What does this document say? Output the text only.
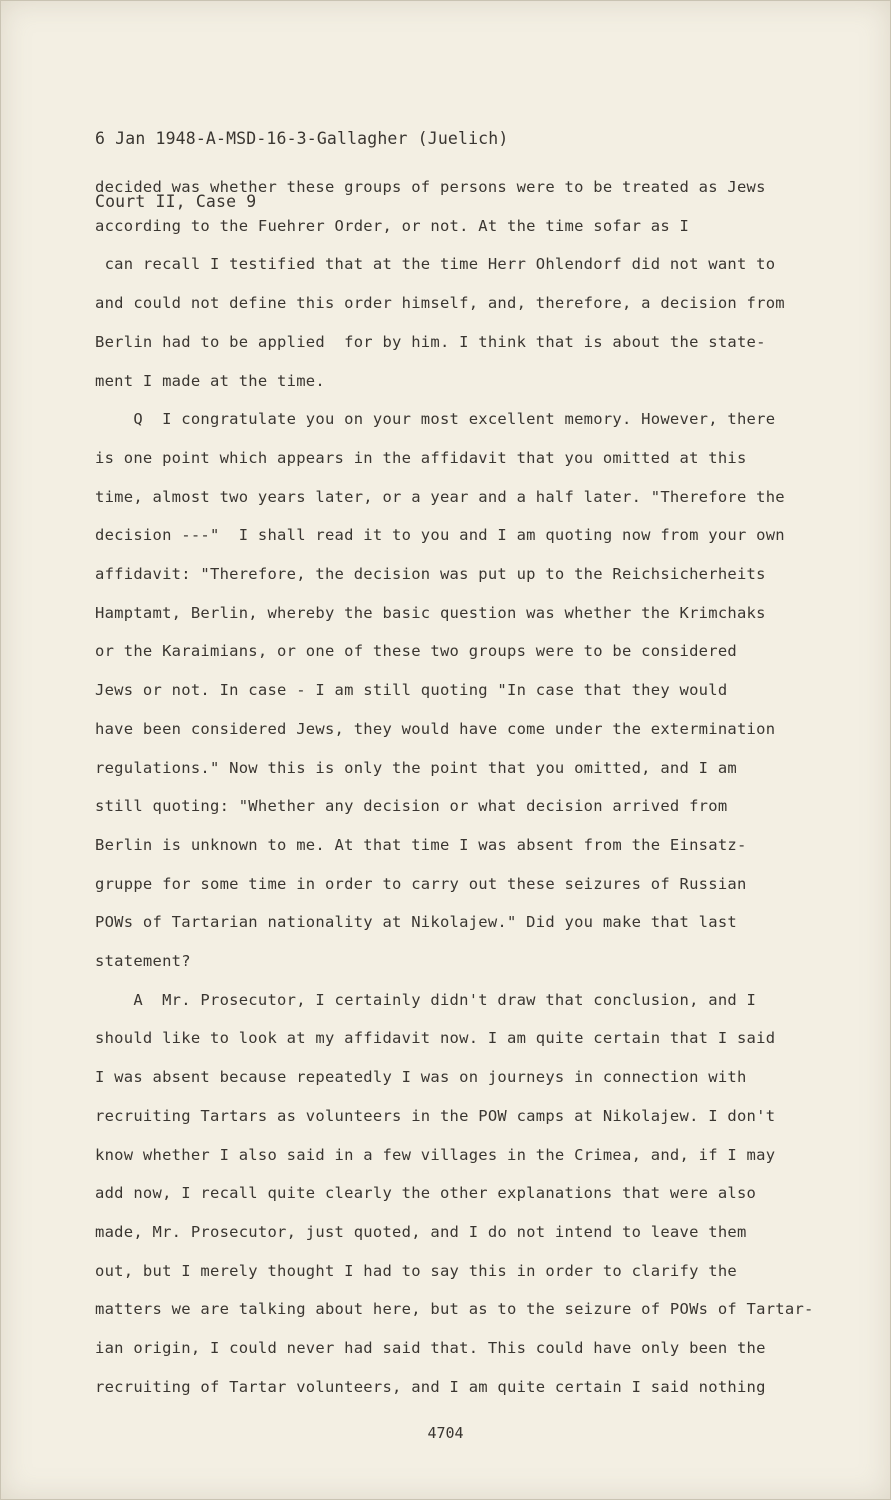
6 Jan 1948-A-MSD-16-3-Gallagher (Juelich)

Court II, Case 9

decided was whether these groups of persons were to be treated as Jews
according to the Fuehrer Order, or not. At the time sofar as I
can recall I testified that at the time Herr Ohlendorf did not want to
and could not define this order himself, and, therefore, a decision from
Berlin had to be applied  for by him. I think that is about the state-
ment I made at the time.
Q  I congratulate you on your most excellent memory. However, there
is one point which appears in the affidavit that you omitted at this
time, almost two years later, or a year and a half later. "Therefore the
decision ---"  I shall read it to you and I am quoting now from your own
affidavit: "Therefore, the decision was put up to the Reichsicherheits
Hamptamt, Berlin, whereby the basic question was whether the Krimchaks
or the Karaimians, or one of these two groups were to be considered
Jews or not. In case - I am still quoting "In case that they would
have been considered Jews, they would have come under the extermination
regulations." Now this is only the point that you omitted, and I am
still quoting: "Whether any decision or what decision arrived from
Berlin is unknown to me. At that time I was absent from the Einsatz-
gruppe for some time in order to carry out these seizures of Russian
POWs of Tartarian nationality at Nikolajew." Did you make that last
statement?
A  Mr. Prosecutor, I certainly didn't draw that conclusion, and I
should like to look at my affidavit now. I am quite certain that I said
I was absent because repeatedly I was on journeys in connection with
recruiting Tartars as volunteers in the POW camps at Nikolajew. I don't
know whether I also said in a few villages in the Crimea, and, if I may
add now, I recall quite clearly the other explanations that were also
made, Mr. Prosecutor, just quoted, and I do not intend to leave them
out, but I merely thought I had to say this in order to clarify the
matters we are talking about here, but as to the seizure of POWs of Tartar-
ian origin, I could never had said that. This could have only been the
recruiting of Tartar volunteers, and I am quite certain I said nothing
4704
